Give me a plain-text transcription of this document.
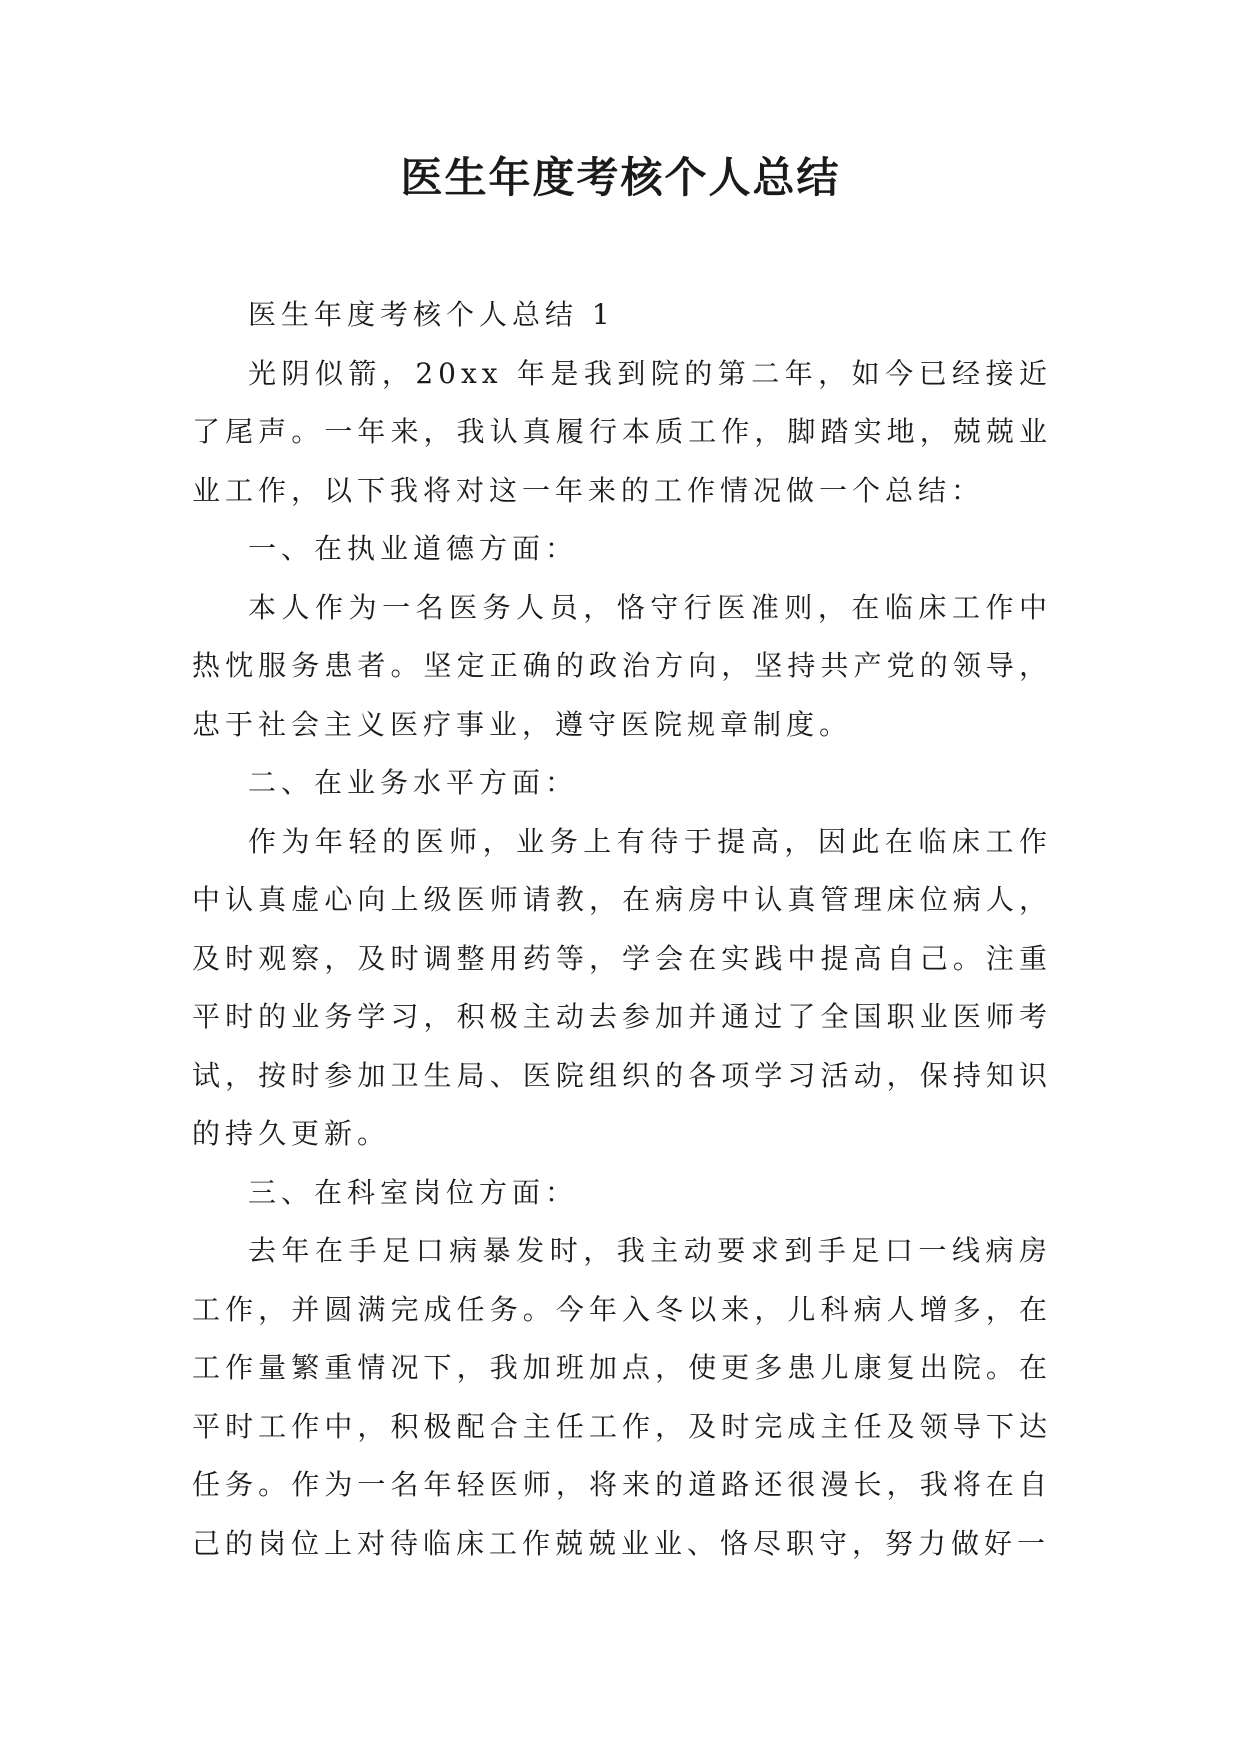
医生年度考核个人总结

医生年度考核个人总结 1

光阴似箭，20xx 年是我到院的第二年，如今已经接近了尾声。一年来，我认真履行本质工作，脚踏实地，兢兢业业工作，以下我将对这一年来的工作情况做一个总结：

一、在执业道德方面：

本人作为一名医务人员，恪守行医准则，在临床工作中热忱服务患者。坚定正确的政治方向，坚持共产党的领导，忠于社会主义医疗事业，遵守医院规章制度。

二、在业务水平方面：

作为年轻的医师，业务上有待于提高，因此在临床工作中认真虚心向上级医师请教，在病房中认真管理床位病人，及时观察，及时调整用药等，学会在实践中提高自己。注重平时的业务学习，积极主动去参加并通过了全国职业医师考试，按时参加卫生局、医院组织的各项学习活动，保持知识的持久更新。

三、在科室岗位方面：

去年在手足口病暴发时，我主动要求到手足口一线病房工作，并圆满完成任务。今年入冬以来，儿科病人增多，在工作量繁重情况下，我加班加点，使更多患儿康复出院。在平时工作中，积极配合主任工作，及时完成主任及领导下达任务。作为一名年轻医师，将来的道路还很漫长，我将在自己的岗位上对待临床工作兢兢业业、恪尽职守，努力做好一
